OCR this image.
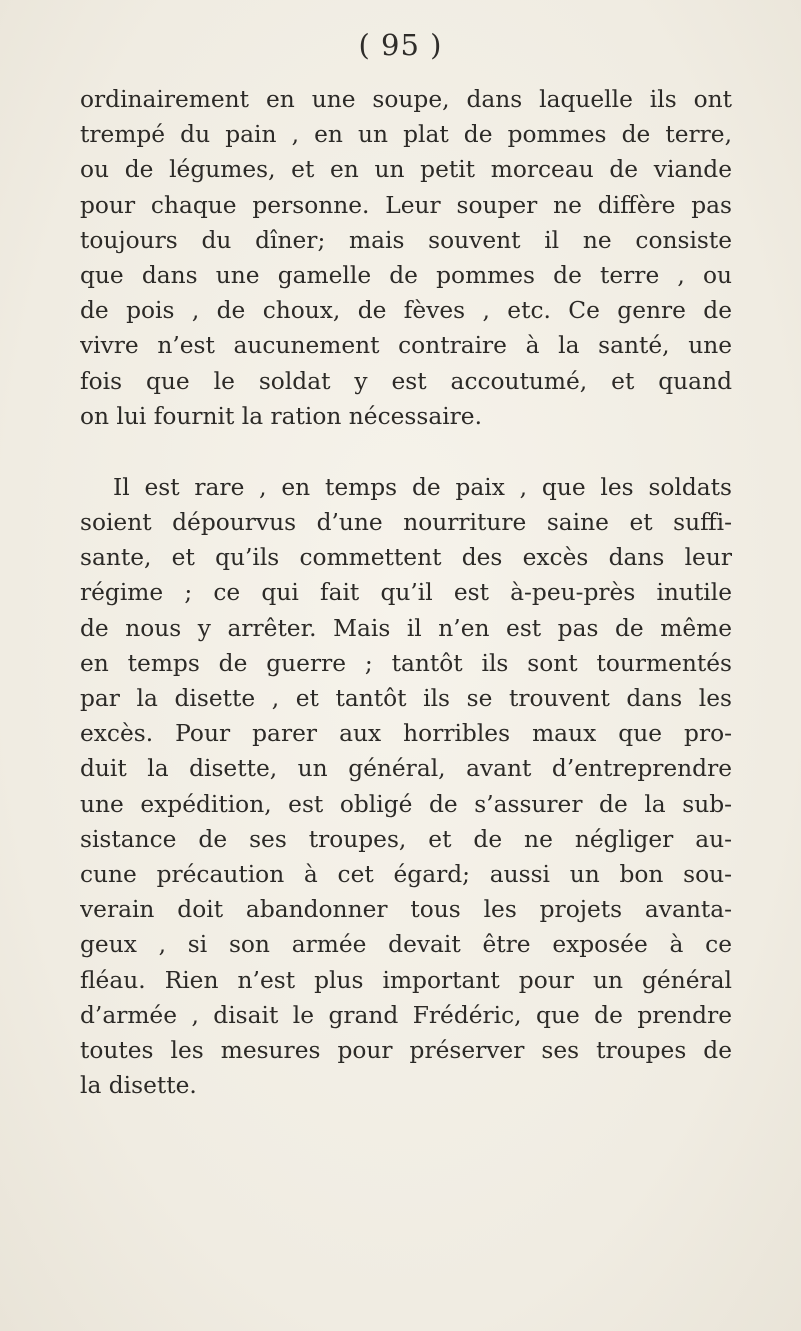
( 95 )
ordinairement en une soupe, dans laquelle ils ont
trempé du pain , en un plat de pommes de terre,
ou de légumes, et en un petit morceau de viande
pour chaque personne. Leur souper ne diffère pas
toujours du dîner; mais souvent il ne consiste
que dans une gamelle de pommes de terre , ou
de pois , de choux, de fèves , etc. Ce genre de
vivre n’est aucunement contraire à la santé, une
fois que le soldat y est accoutumé, et quand
on lui fournit la ration nécessaire.
Il est rare , en temps de paix , que les soldats
soient dépourvus d’une nourriture saine et suffi-
sante, et qu’ils commettent des excès dans leur
régime ; ce qui fait qu’il est à-peu-près inutile
de nous y arrêter. Mais il n’en est pas de même
en temps de guerre ; tantôt ils sont tourmentés
par la disette , et tantôt ils se trouvent dans les
excès. Pour parer aux horribles maux que pro-
duit la disette, un général, avant d’entreprendre
une expédition, est obligé de s’assurer de la sub-
sistance de ses troupes, et de ne négliger au-
cune précaution à cet égard; aussi un bon sou-
verain doit abandonner tous les projets avanta-
geux , si son armée devait être exposée à ce
fléau. Rien n’est plus important pour un général
d’armée , disait le grand Frédéric, que de prendre
toutes les mesures pour préserver ses troupes de
la disette.
